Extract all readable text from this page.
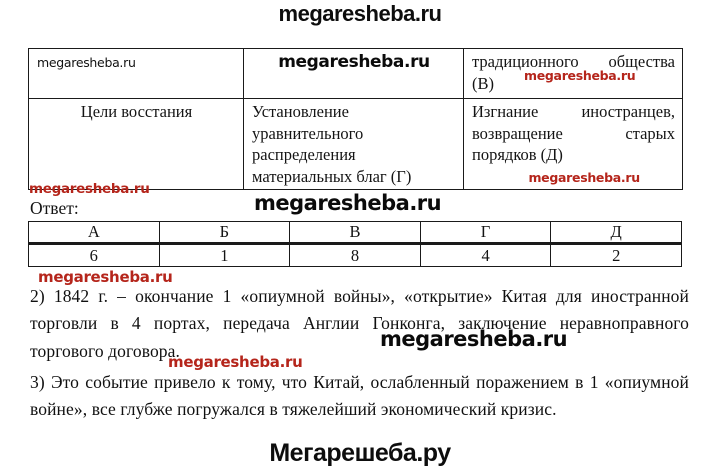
megaresheba.ru
megaresheba.ru	megaresheba.ru	традиционного общества (В) megaresheba.ru

Цели восстания	Установление уравнительного распределения материальных благ (Г)	Изгнание иностранцев, возвращение старых порядков (Д)
megaresheba.ru
megaresheba.ru
Ответ:	megaresheba.ru
А	Б	В	Г	Д
6	1	8	4	2
megaresheba.ru
2) 1842 г. – окончание 1 «опиумной войны», «открытие» Китая для иностранной торговли в 4 портах, передача Англии Гонконга, заключение неравноправного торгового договора.	megaresheba.ru
megaresheba.ru
3) Это событие привело к тому, что Китай, ослабленный поражением в 1 «опиумной войне», все глубже погружался в тяжелейший экономический кризис.
Мегарешеба.ру
